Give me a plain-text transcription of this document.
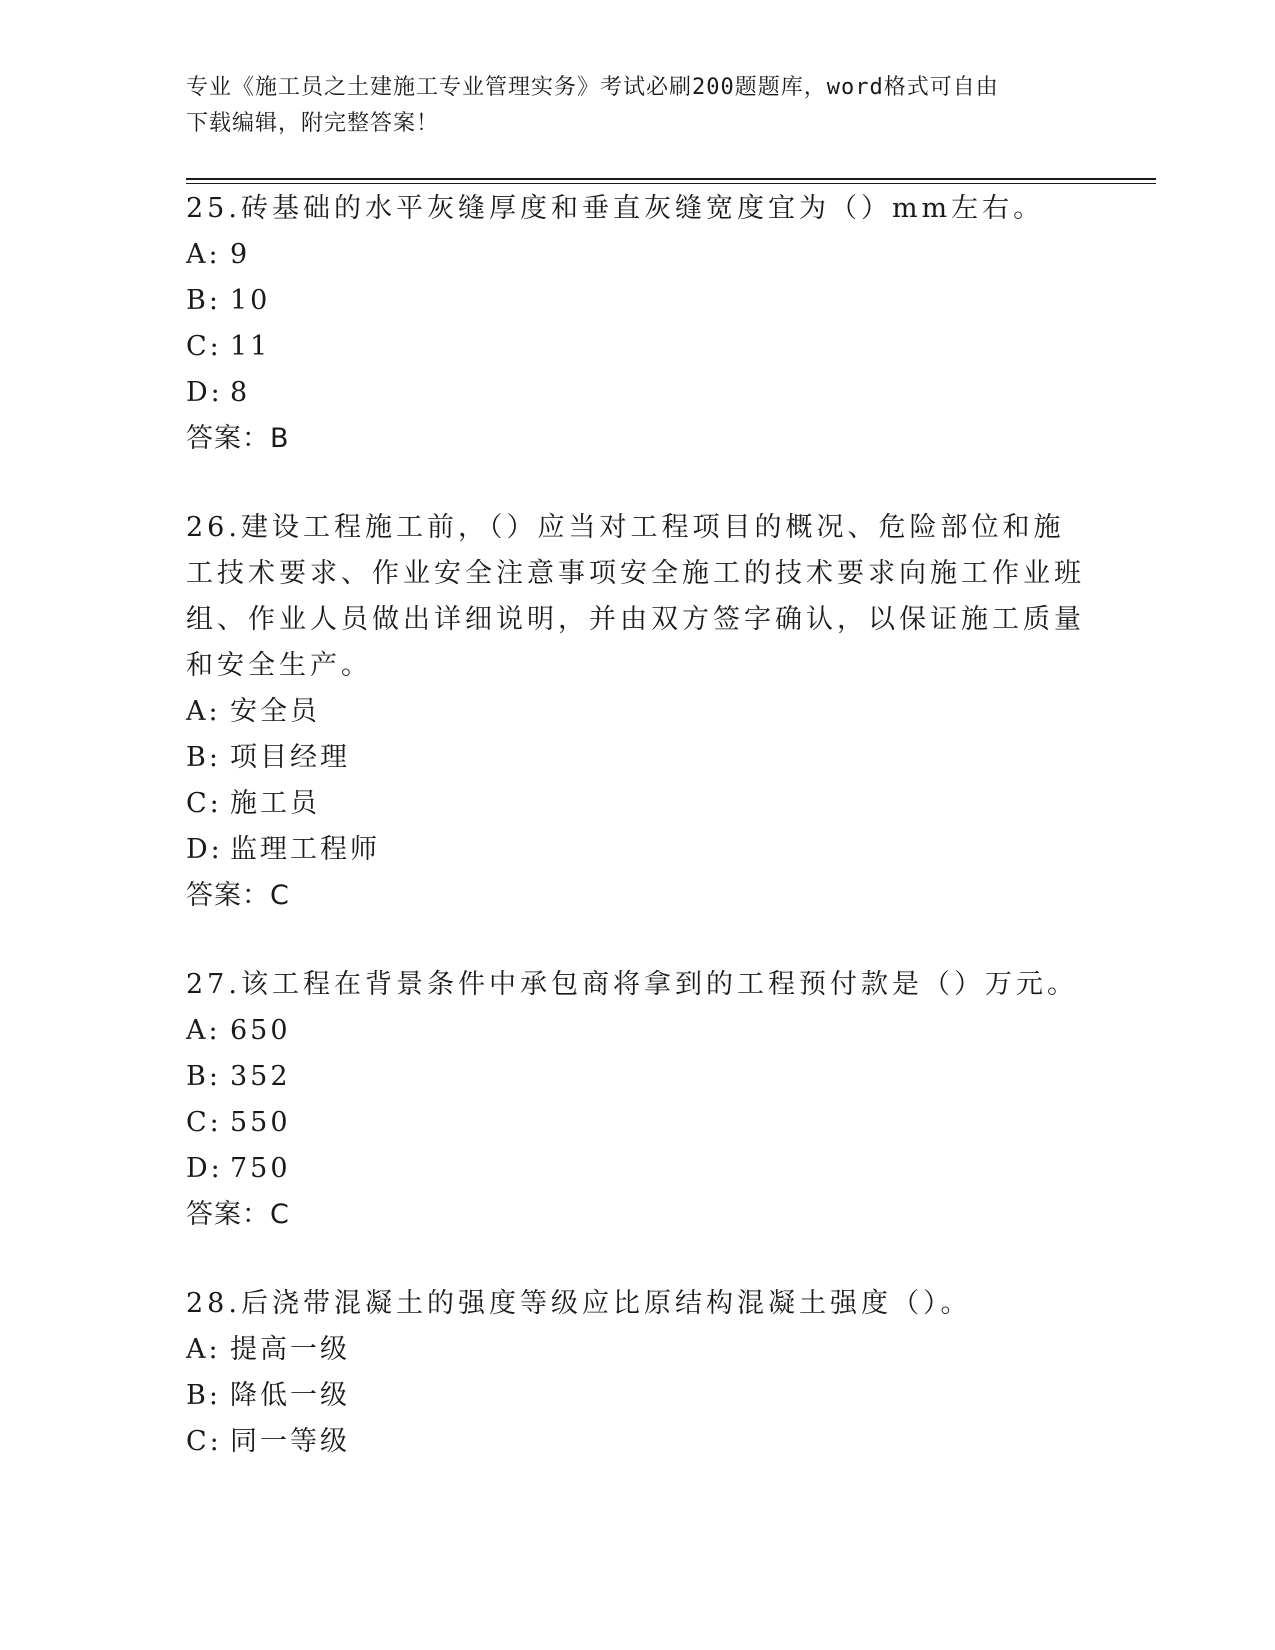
专业《施工员之土建施工专业管理实务》考试必刷200题题库，word格式可自由
下载编辑，附完整答案！
25.砖基础的水平灰缝厚度和垂直灰缝宽度宜为（）mm左右。
A: 9
B: 10
C: 11
D: 8
答案：B
26.建设工程施工前，（）应当对工程项目的概况、危险部位和施工技术要求、作业安全注意事项安全施工的技术要求向施工作业班组、作业人员做出详细说明，并由双方签字确认，以保证施工质量和安全生产。
A: 安全员
B: 项目经理
C: 施工员
D: 监理工程师
答案：C
27.该工程在背景条件中承包商将拿到的工程预付款是（）万元。
A: 650
B: 352
C: 550
D: 750
答案：C
28.后浇带混凝土的强度等级应比原结构混凝土强度（）。
A: 提高一级
B: 降低一级
C: 同一等级
